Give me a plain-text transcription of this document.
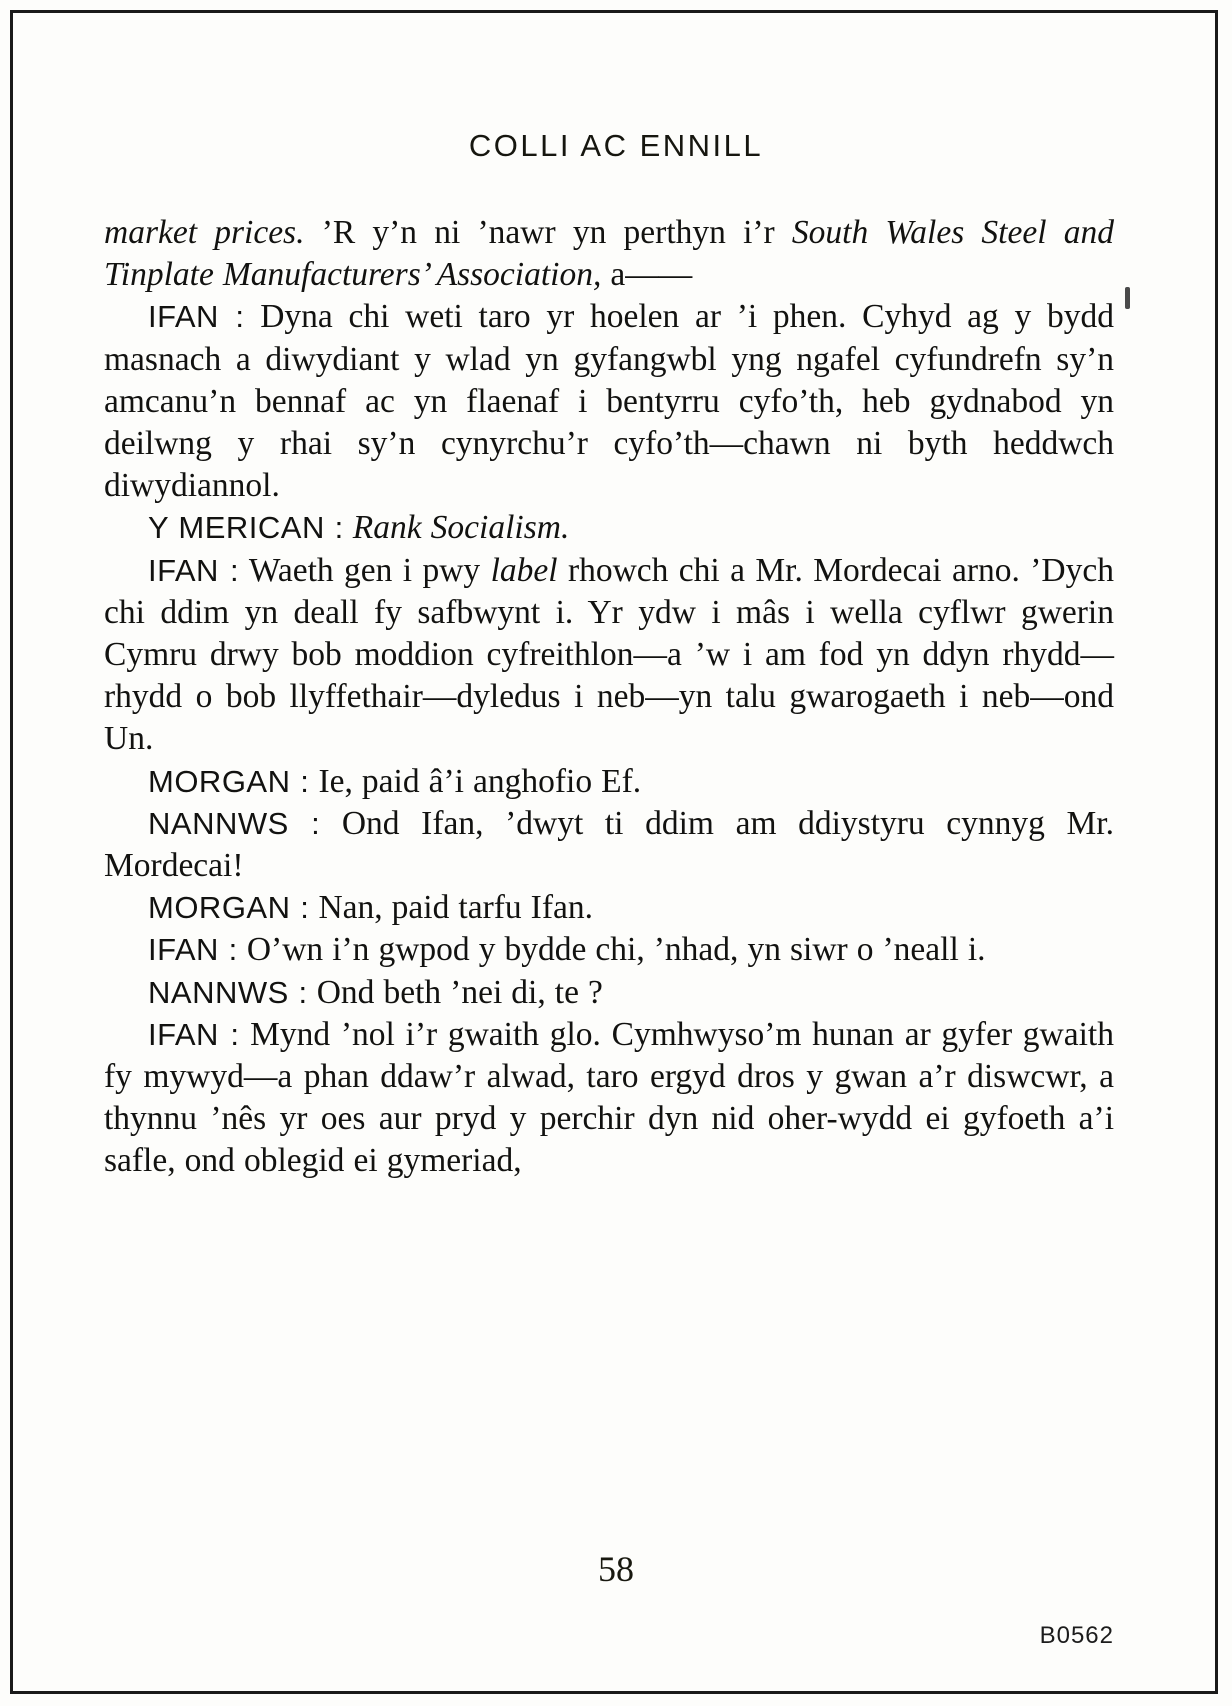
COLLI AC ENNILL

market prices. ’R y’n ni ’nawr yn perthyn i’r South Wales Steel and Tinplate Manufacturers’ Association, a——

IFAN : Dyna chi weti taro yr hoelen ar ’i phen. Cyhyd ag y bydd masnach a diwydiant y wlad yn gyfangwbl yng ngafel cyfundrefn sy’n amcanu’n bennaf ac yn flaenaf i bentyrru cyfo’th, heb gydnabod yn deilwng y rhai sy’n cynyrchu’r cyfo’th—chawn ni byth heddwch diwydiannol.

Y MERICAN : Rank Socialism.

IFAN : Waeth gen i pwy label rhowch chi a Mr. Mordecai arno. ’Dych chi ddim yn deall fy safbwynt i. Yr ydw i mâs i wella cyflwr gwerin Cymru drwy bob moddion cyfreithlon—a ’w i am fod yn ddyn rhydd—rhydd o bob llyffethair—dyledus i neb—yn talu gwarogaeth i neb—ond Un.

MORGAN : Ie, paid â’i anghofio Ef.

NANNWS : Ond Ifan, ’dwyt ti ddim am ddiystyru cynnyg Mr. Mordecai!

MORGAN : Nan, paid tarfu Ifan.

IFAN : O’wn i’n gwpod y bydde chi, ’nhad, yn siwr o ’neall i.

NANNWS : Ond beth ’nei di, te ?

IFAN : Mynd ’nol i’r gwaith glo. Cymhwyso’m hunan ar gyfer gwaith fy mywyd—a phan ddaw’r alwad, taro ergyd dros y gwan a’r diswcwr, a thynnu ’nês yr oes aur pryd y perchir dyn nid oher-wydd ei gyfoeth a’i safle, ond oblegid ei gymeriad,

58
B0562
